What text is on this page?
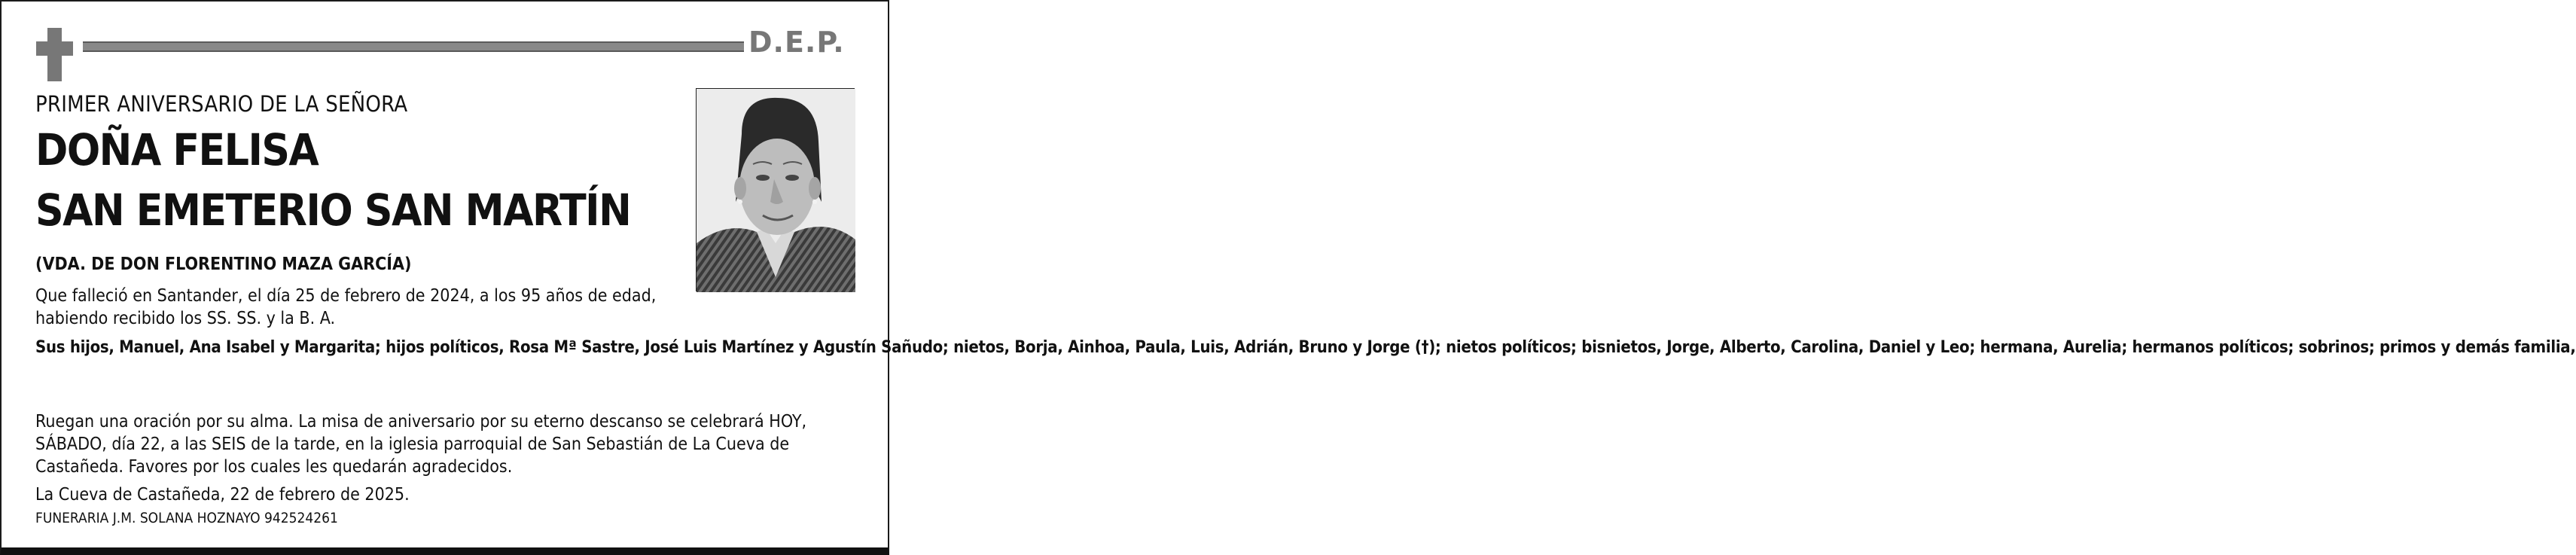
D.E.P.
PRIMER ANIVERSARIO DE LA SEÑORA
DOÑA FELISA
SAN EMETERIO SAN MARTÍN
(VDA. DE DON FLORENTINO MAZA GARCÍA)
Que falleció en Santander, el día 25 de febrero de 2024, a los 95 años de edad, habiendo recibido los SS. SS. y la B. A.
Sus hijos, Manuel, Ana Isabel y Margarita; hijos políticos, Rosa Mª Sastre, José Luis Martínez y Agustín Sañudo; nietos, Borja, Ainhoa, Paula, Luis, Adrián, Bruno y Jorge (†); nietos políticos; bisnietos, Jorge, Alberto, Carolina, Daniel y Leo; hermana, Aurelia; hermanos políticos; sobrinos; primos y demás familia,
Ruegan una oración por su alma. La misa de aniversario por su eterno descanso se celebrará HOY, SÁBADO, día 22, a las SEIS de la tarde, en la iglesia parroquial de San Sebastián de La Cueva de Castañeda. Favores por los cuales les quedarán agradecidos.
La Cueva de Castañeda, 22 de febrero de 2025.
FUNERARIA J.M. SOLANA HOZNAYO 942524261
